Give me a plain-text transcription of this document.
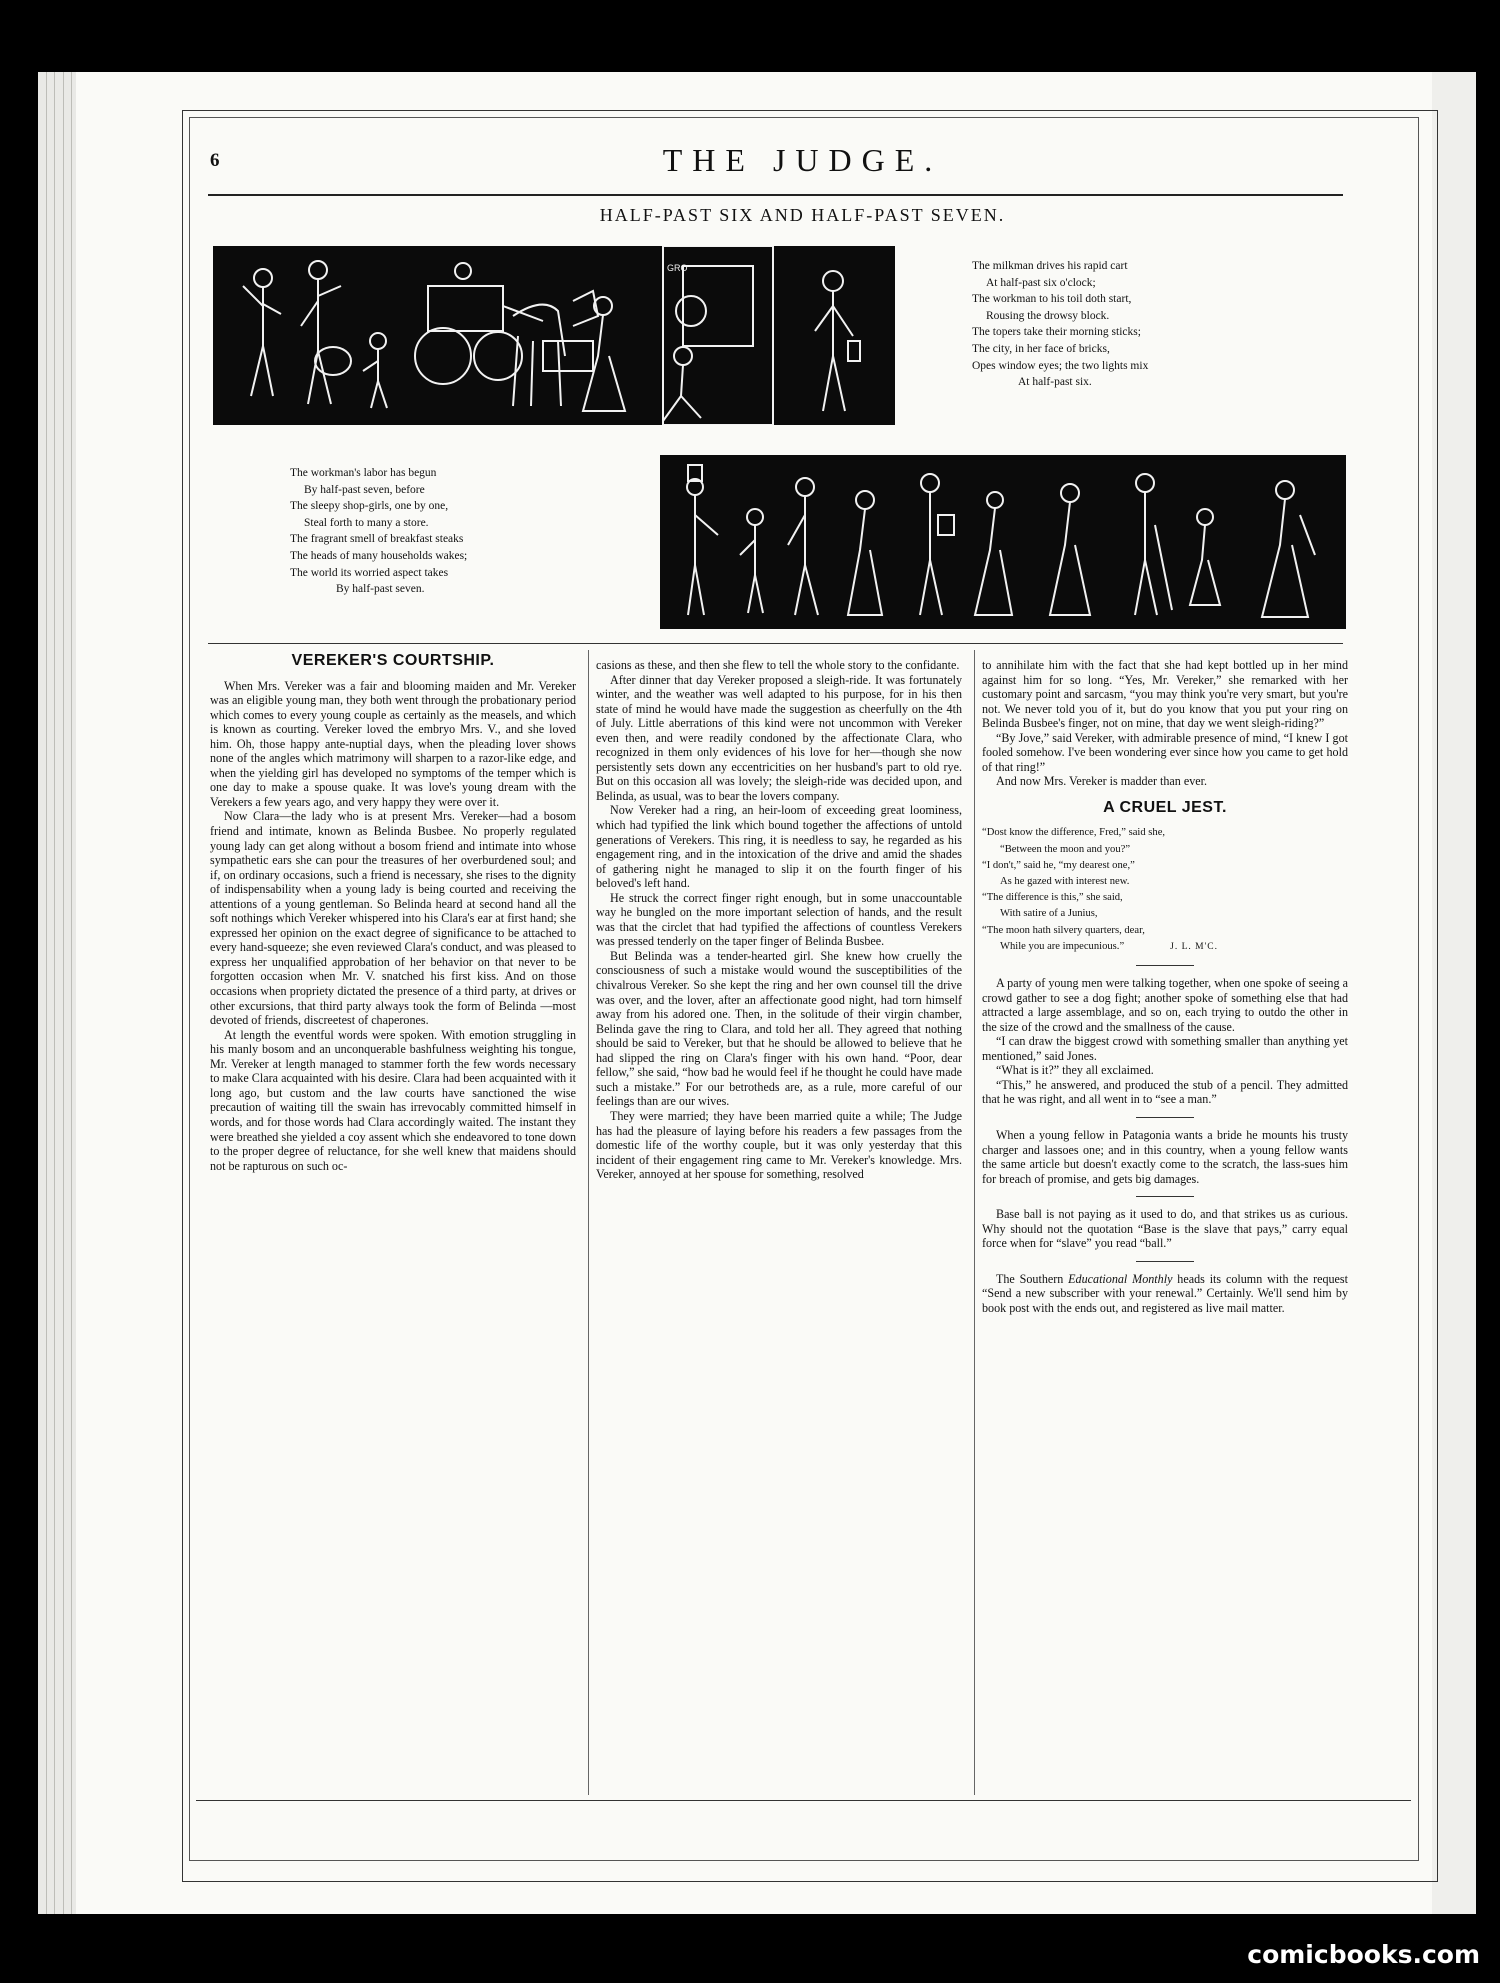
6	THE JUDGE.
HALF-PAST SIX AND HALF-PAST SEVEN.
GRO	The milkman drives his rapid cart

At half-past six o'clock;

The workman to his toil doth start,

Rousing the drowsy block.

The topers take their morning sticks;

The city, in her face of bricks,

Opes window eyes; the two lights mix

At half-past six.

The workman's labor has begun

By half-past seven, before

The sleepy shop-girls, one by one,

Steal forth to many a store.

The fragrant smell of breakfast steaks

The heads of many households wakes;

The world its worried aspect takes

By half-past seven.

VEREKER'S COURTSHIP.

When Mrs. Vereker was a fair and blooming maiden and Mr. Vereker was an eligible young man, they both went through the probationary period which comes to every young couple as certainly as the measels, and which is known as courting. Vereker loved the embryo Mrs. V., and she loved him. Oh, those happy ante-nuptial days, when the pleading lover shows none of the angles which matrimony will sharpen to a razor-like edge, and when the yielding girl has developed no symptoms of the temper which is one day to make a spouse quake. It was love's young dream with the Verekers a few years ago, and very happy they were over it.

Now Clara—the lady who is at present Mrs. Vereker—had a bosom friend and intimate, known as Belinda Busbee. No properly regulated young lady can get along without a bosom friend and intimate into whose sympathetic ears she can pour the treasures of her overburdened soul; and if, on ordinary occasions, such a friend is necessary, she rises to the dignity of indispensability when a young lady is being courted and receiving the attentions of a young gentleman. So Belinda heard at second hand all the soft nothings which Vereker whispered into his Clara's ear at first hand; she expressed her opinion on the exact degree of significance to be attached to every hand-squeeze; she even reviewed Clara's conduct, and was pleased to express her unqualified approbation of her behavior on that never to be forgotten occasion when Mr. V. snatched his first kiss. And on those occasions when propriety dictated the presence of a third party, at drives or other excursions, that third party always took the form of Belinda —most devoted of friends, discreetest of chaperones.

At length the eventful words were spoken. With emotion struggling in his manly bosom and an unconquerable bashfulness weighting his tongue, Mr. Vereker at length managed to stammer forth the few words necessary to make Clara acquainted with his desire. Clara had been acquainted with it long ago, but custom and the law courts have sanctioned the wise precaution of waiting till the swain has irrevocably committed himself in words, and for those words had Clara accordingly waited. The instant they were breathed she yielded a coy assent which she endeavored to tone down to the proper degree of reluctance, for she well knew that maidens should not be rapturous on such oc-

casions as these, and then she flew to tell the whole story to the confidante.

After dinner that day Vereker proposed a sleigh-ride. It was fortunately winter, and the weather was well adapted to his purpose, for in his then state of mind he would have made the suggestion as cheerfully on the 4th of July. Little aberrations of this kind were not uncommon with Vereker even then, and were readily condoned by the affectionate Clara, who recognized in them only evidences of his love for her—though she now persistently sets down any eccentricities on her husband's part to old rye. But on this occasion all was lovely; the sleigh-ride was decided upon, and Belinda, as usual, was to bear the lovers company.

Now Vereker had a ring, an heir-loom of exceeding great loominess, which had typified the link which bound together the affections of untold generations of Verekers. This ring, it is needless to say, he regarded as his engagement ring, and in the intoxication of the drive and amid the shades of gathering night he managed to slip it on the fourth finger of his beloved's left hand.

He struck the correct finger right enough, but in some unaccountable way he bungled on the more important selection of hands, and the result was that the circlet that had typified the affections of countless Verekers was pressed tenderly on the taper finger of Belinda Busbee.

But Belinda was a tender-hearted girl. She knew how cruelly the consciousness of such a mistake would wound the susceptibilities of the chivalrous Vereker. So she kept the ring and her own counsel till the drive was over, and the lover, after an affectionate good night, had torn himself away from his adored one. Then, in the solitude of their virgin chamber, Belinda gave the ring to Clara, and told her all. They agreed that nothing should be said to Vereker, but that he should be allowed to believe that he had slipped the ring on Clara's finger with his own hand. “Poor, dear fellow,” she said, “how bad he would feel if he thought he could have made such a mistake.” For our betrotheds are, as a rule, more careful of our feelings than are our wives.

They were married; they have been married quite a while; The Judge has had the pleasure of laying before his readers a few passages from the domestic life of the worthy couple, but it was only yesterday that this incident of their engagement ring came to Mr. Vereker's knowledge. Mrs. Vereker, annoyed at her spouse for something, resolved

to annihilate him with the fact that she had kept bottled up in her mind against him for so long. “Yes, Mr. Vereker,” she remarked with her customary point and sarcasm, “you may think you're very smart, but you're not. We never told you of it, but do you know that you put your ring on Belinda Busbee's finger, not on mine, that day we went sleigh-riding?”

“By Jove,” said Vereker, with admirable presence of mind, “I knew I got fooled somehow. I've been wondering ever since how you came to get hold of that ring!”

And now Mrs. Vereker is madder than ever.

A CRUEL JEST.

“Dost know the difference, Fred,” said she,

“Between the moon and you?”

“I don't,” said he, “my dearest one,”

As he gazed with interest new.

“The difference is this,” she said,

With satire of a Junius,

“The moon hath silvery quarters, dear,

While you are impecunious.”	J. L. M'C.

A party of young men were talking together, when one spoke of seeing a crowd gather to see a dog fight; another spoke of something else that had attracted a large assemblage, and so on, each trying to outdo the other in the size of the crowd and the smallness of the cause.

“I can draw the biggest crowd with something smaller than anything yet mentioned,” said Jones.

“What is it?” they all exclaimed.

“This,” he answered, and produced the stub of a pencil. They admitted that he was right, and all went in to “see a man.”

When a young fellow in Patagonia wants a bride he mounts his trusty charger and lassoes one; and in this country, when a young fellow wants the same article but doesn't exactly come to the scratch, the lass-sues him for breach of promise, and gets big damages.

Base ball is not paying as it used to do, and that strikes us as curious. Why should not the quotation “Base is the slave that pays,” carry equal force when for “slave” you read “ball.”

The Southern Educational Monthly heads its column with the request “Send a new subscriber with your renewal.” Certainly. We'll send him by book post with the ends out, and registered as live mail matter.

comicbooks.com
